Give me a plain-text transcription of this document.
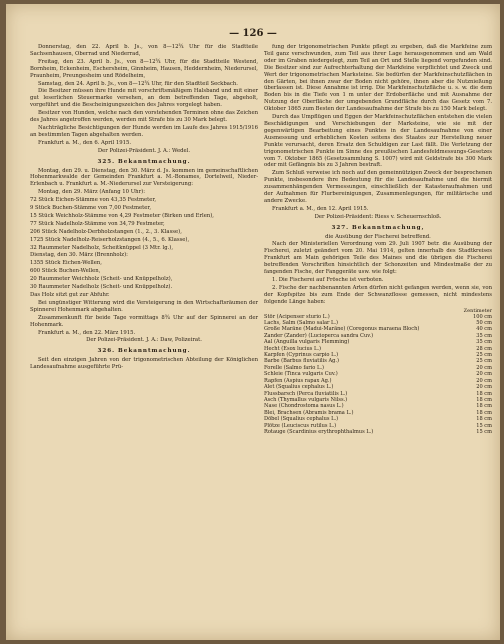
— 126 —

Donnerstag, den 22. April b. Js., von 8—12¾ Uhr für die Stadtteile Sachsenhausen, Oberrad und Niederrad,

Freitag, den 23. April b. Js., von 8—12¾ Uhr, für die Stadtteile Westend, Bornheim, Eckenheim, Eschersheim, Ginnheim, Hausen, Heddernheim, Niederursel, Praunheim, Preungesheim und Rödelheim,

Samstag, den 24. April b. Js., von 8—12¾ Uhr, für den Stadtteil Seckbach.

Die Besitzer müssen ihre Hunde mit vorschriftsmäßigem Halsband und mit einer gut leserlichen Steuermarke versehen, an dem betreffenden Tage, abgeholt, vorgeführt und die Bescheinigungszeichen des Jahres vorgelegt haben.

Besitzer von Hunden, welche nach den vorstehenden Terminen ohne das Zeichen des Jahres angetroffen werden, werden mit Strafe bis zu 30 Mark belegt.

Nachträgliche Besichtigungen der Hunde werden im Laufe des Jahres 1915/1916 an bestimmten Tagen abgehalten werden.

Frankfurt a. M., den 6. April 1915.

Der Polizei-Präsident. J. A.: Wedel.

325. Bekanntmachung.

Montag, den 29. u. Dienstag, den 30. März d. Js. kommen im gemeinschaftlichen Hohenmarkwalde der Gemeinden Frankfurt a. M.-Bonames, Dortelweil, Nieder-Erlenbach u. Frankfurt a. M.-Niederursel zur Versteigerung:

Montag, den 29. März (Anfang 10 Uhr):

72 Stück Eichen-Stämme von 43,35 Festmeter,

9 Stück Buchen-Stämme von 7,00 Festmeter,

15 Stück Weichholz-Stämme von 4,29 Festmeter (Birken und Erlen),

77 Stück Nadelholz-Stämme von 34,79 Festmeter,

206 Stück Nadelholz-Derbholzstangen (1., 2., 3. Klasse),

1725 Stück Nadelholz-Reiserholzstangen (4., 5., 6. Klasse),

32 Raummeter Nadelholz, Scheitknüppel (3 Mtr. lg.),

Dienstag, den 30. März (Brennholz):

1355 Stück Eichen-Wellen,

600 Stück Buchen-Wellen,

20 Raummeter Weichholz (Scheit- und Knüppelholz),

30 Raummeter Nadelholz (Scheit- und Knüppelholz).

Das Holz sitzt gut zur Abfuhr.

Bei ungünstiger Witterung wird die Versteigerung in den Wirtschaftsräumen der Spinnerei Hohenmark abgehalten.

Zusammenkunft für beide Tage vormittags 8¾ Uhr auf der Spinnerei an der Hohenmark.

Frankfurt a. M., den 22. März 1915.

Der Polizei-Präsident. J. A.: Daw, Polizeirat.

326. Bekanntmachung.

Seit den einzigen Jahren von der trigonometrischen Abteilung der Königlichen Landesaufnahme ausgeführte Prü-

fung der trigonometrischen Punkte pflegt zu ergeben, daß die Markfeine zum Teil ganz verschwunden, zum Teil aus ihrer Lage herausgenommen und am Wald oder im Graben niedergelegt, zum Teil an Ort und Stelle liegend vorgefunden sind. Die Besitzer sind zur Aufrechterhaltung der Markfeine verpflichtet und Zweck und Wert der trigonometrischen Marksteine. Sie bedürfen der Markfeinschutzflächen in den Gärten, bei ihnen zwar der Boden nicht gehöre, ihnen aber die Nutznießung überlassen ist. Diese Annahme ist irrig. Die Markfeinschutzfläche u. s. w. die dem Boden bis in die Tiefe von 1 m unter der Erdoberfläche und mit Ausnahme der Nutzung der Oberfläche der umgebenden Grundfläche durch das Gesetz vom 7. Oktober 1865 zum Besten der Landesaufnahme der Strafe bis zu 150 Mark belegt.

Durch das Umpflügen und Eggen der Markfeinschutzflächen entstehen die vielen Beschädigungen und Verschiebungen der Marksteine, wie sie mit der gegenwärtigen Bearbeitung eines Punktes in der Landesaufnahme von einer Ausmessung und erheblichen Kosten seitens des Staates zur Herstellung neuer Punkte verursacht, deren Ersatz den Schuldigen zur Last fällt. Die Verletzung der trigonometrischen Punkte im Sinne des preußischen Landesfeldmessungs-Gesetzes vom 7. Oktober 1865 (Gesetzsammlung S. 1007) wird mit Geldstrafe bis 300 Mark oder mit Gefängnis bis zu 3 Jahren bestraft.

Zum Schluß verweise ich noch auf den gemeinnützigen Zweck der besprochenen Punkte, insbesondere ihre Bedeutung für die Landesaufnahme und die hiermit zusammenhängenden Vermessungen, einschließlich der Katasteraufnahmen und der Aufnahmen für Flurbereinigungen, Zusammenlegungen, für militärische und andere Zwecke.

Frankfurt a. M., den 12. April 1915.

Der Polizei-Präsident: Riess v. Scheuernschloß.

327. Bekanntmachung,

die Ausübung der Fischerei betreffend.

Nach der Ministeriellen Verordnung vom 29. Juli 1907 betr. die Ausübung der Fischerei, zuletzt geändert vom 20. Mai 1914, gelten innerhalb des Stadtkreises Frankfurt am Main gehörigen Teile des Maines und die übrigen die Fischerei betreffenden Vorschriften hinsichtlich der Schonzeiten und Mindestmaße der zu fangenden Fische, der Fanggeräte usw. wie folgt:

1. Die Fischerei auf Frösche ist verboten.

2. Fische der nachbenannten Arten dürfen nicht gefangen werden, wenn sie, von der Kopfspitze bis zum Ende der Schwanzflosse gemessen, nicht mindestens folgende Länge haben:

Zentimeter
Stör (Acipenser sturio L.)	100 cm
Lachs, Salm (Salmo salar L.)	50 cm
Große Maräne (Madui-Maräne) (Coregonus maraena Bloch)	40 cm
Zander (Zander) (Lucioperca sandra Cuv.)	35 cm
Aal (Anguilla vulgaris Flemming)	35 cm
Hecht (Esox lucius L.)	28 cm
Karpfen (Cyprinus carpio L.)	25 cm
Barbe (Barbus fluviatilis Ag.)	25 cm
Forelle (Salmo fario L.)	20 cm
Schleie (Tinca vulgaris Cuv.)	20 cm
Rapfen (Aspius rapax Ag.)	20 cm
Alet (Squalius cephalus L.)	20 cm
Flussbarsch (Perca fluviatilis L.)	18 cm
Asch (Thymallus vulgaris Nilss.)	18 cm
Nase (Chondrostoma nasus L.)	18 cm
Blei, Brachsen (Abramis brama L.)	18 cm
Döbel (Squalius cephalus L.)	18 cm
Plötze (Leuciscus rutilus L.)	15 cm
Rotauge (Scardinius erythrophthalmus L.)	15 cm
